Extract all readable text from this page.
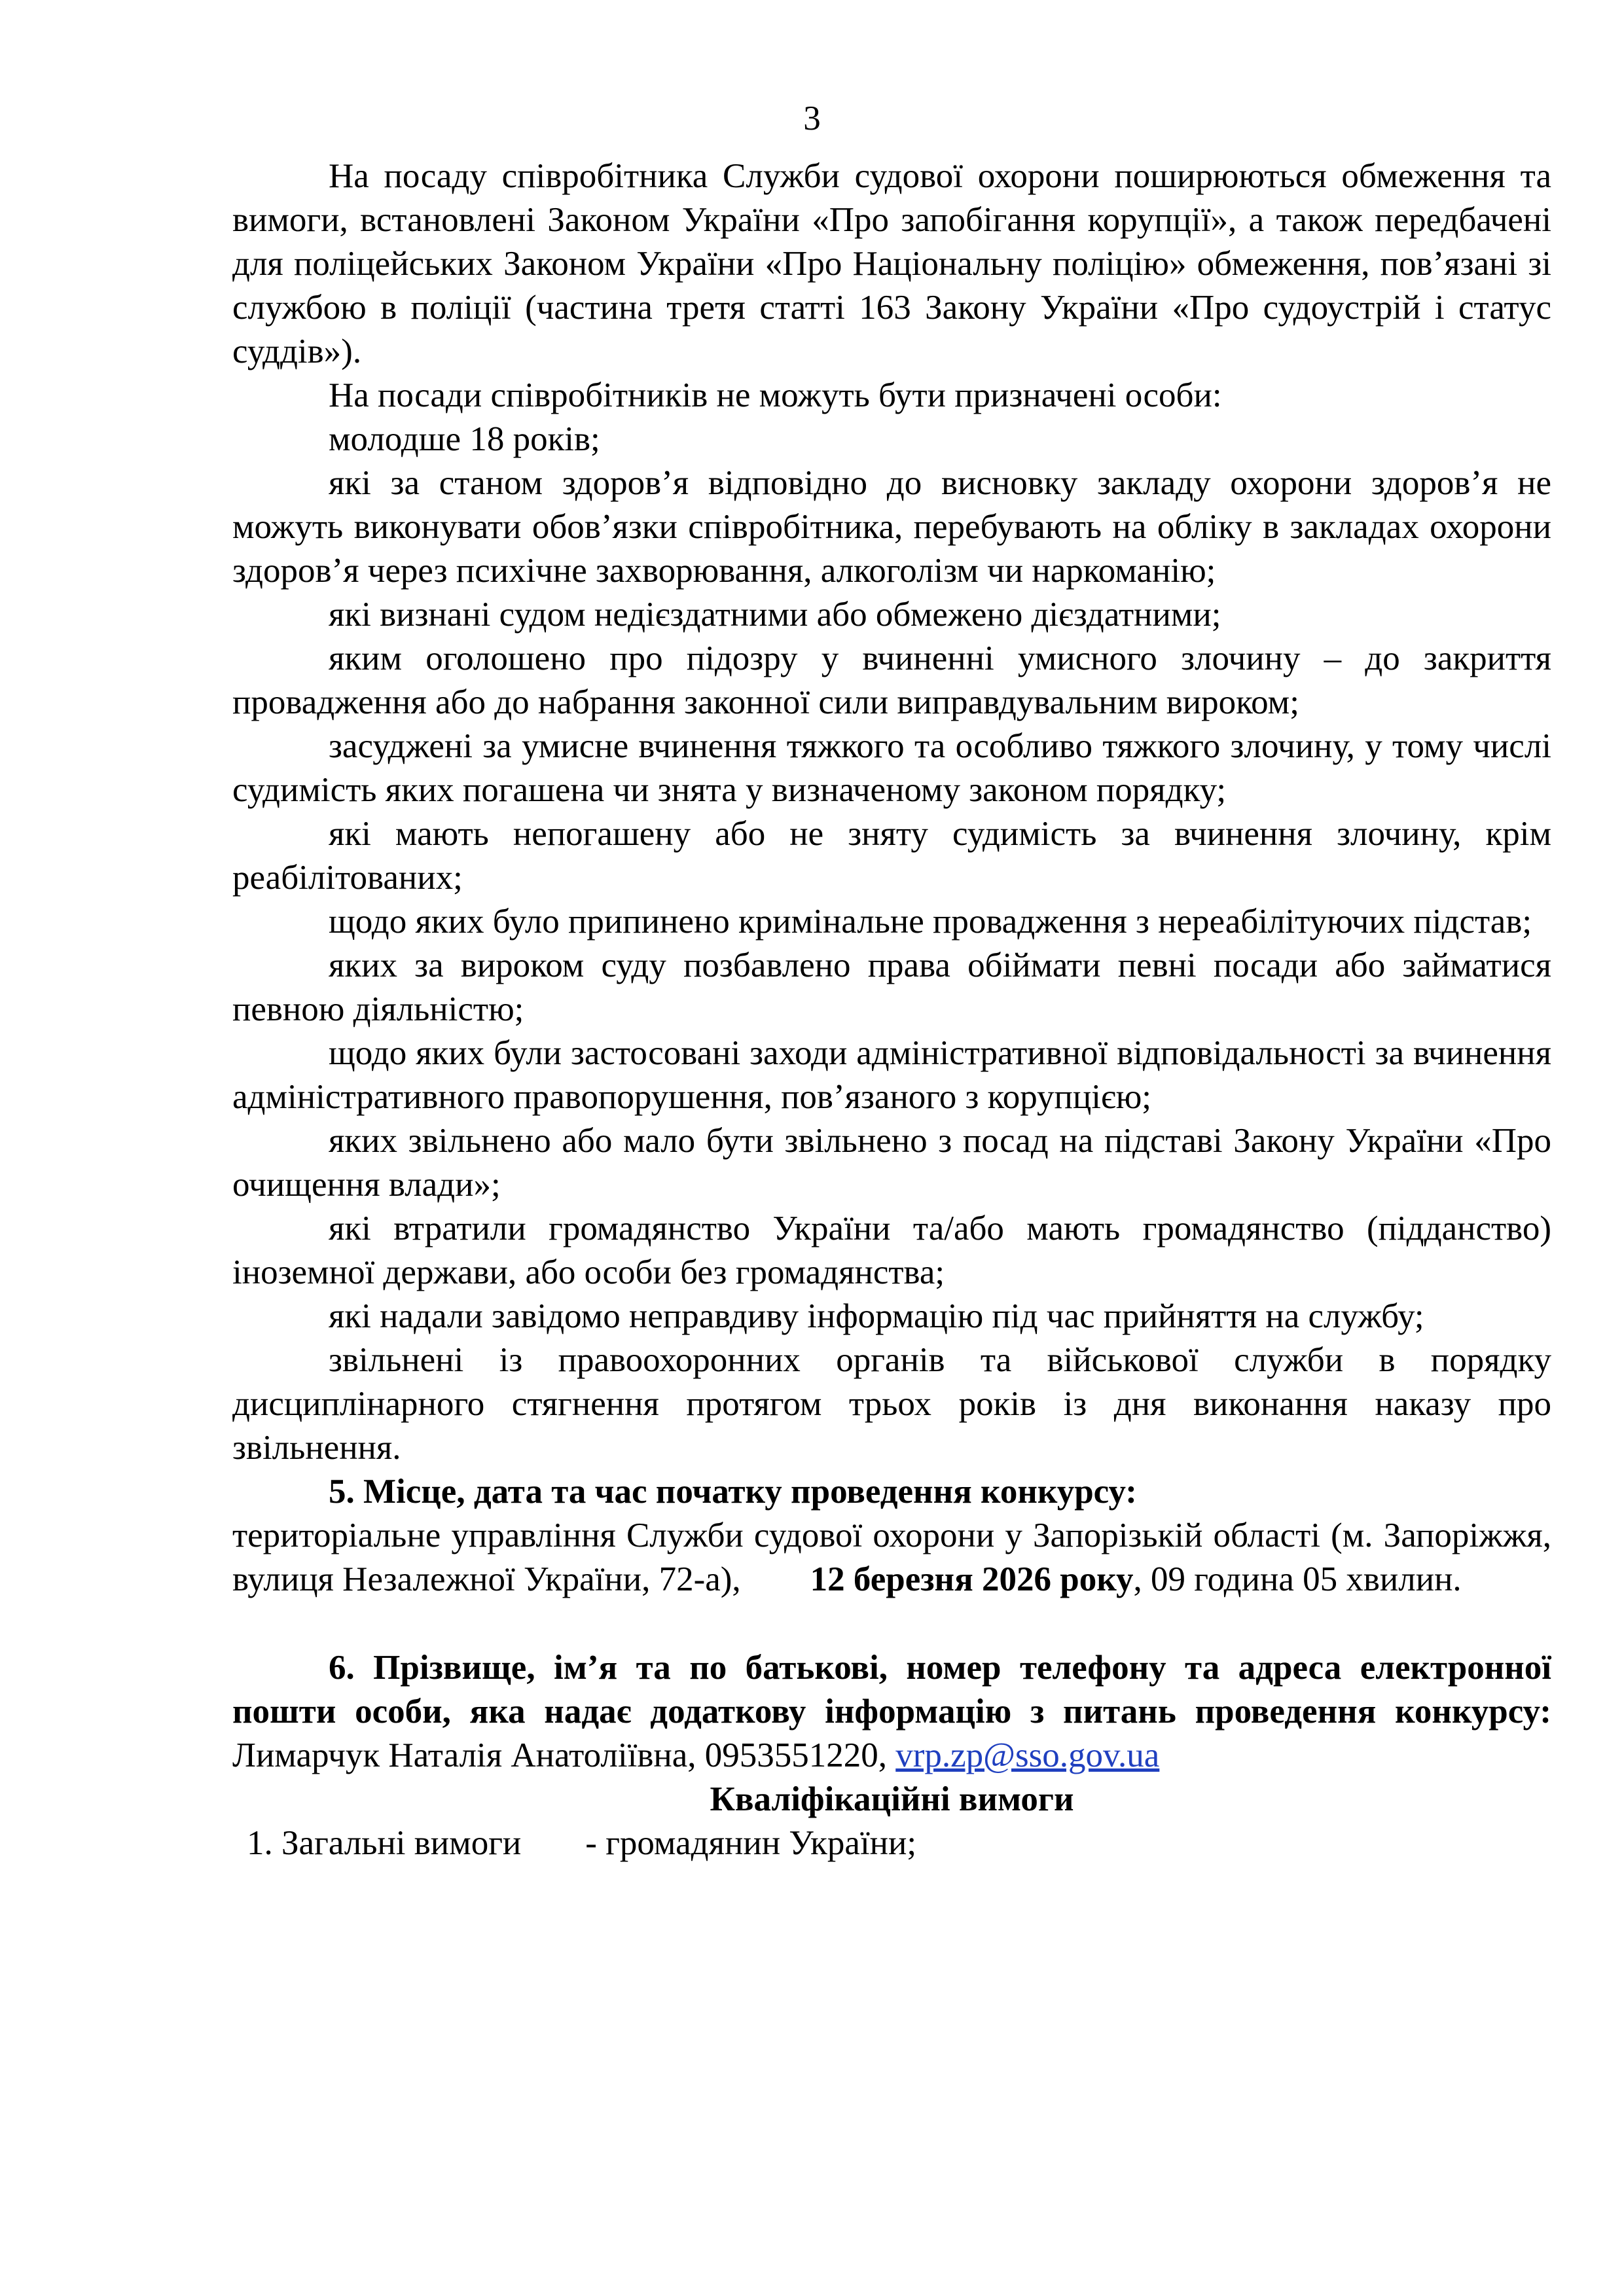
3

На посаду співробітника Служби судової охорони поширюються обмеження та вимоги, встановлені Законом України «Про запобігання корупції», а також передбачені для поліцейських Законом України «Про Національну поліцію» обмеження, пов’язані зі службою в поліції (частина третя статті 163 Закону України «Про судоустрій і статус суддів»).

На посади співробітників не можуть бути призначені особи:

молодше 18 років;

які за станом здоров’я відповідно до висновку закладу охорони здоров’я не можуть виконувати обов’язки співробітника, перебувають на обліку в закладах охорони здоров’я через психічне захворювання, алкоголізм чи наркоманію;

які визнані судом недієздатними або обмежено дієздатними;

яким оголошено про підозру у вчиненні умисного злочину – до закриття провадження або до набрання законної сили виправдувальним вироком;

засуджені за умисне вчинення тяжкого та особливо тяжкого злочину, у тому числі судимість яких погашена чи знята у визначеному законом порядку;

які мають непогашену або не зняту судимість за вчинення злочину, крім реабілітованих;

щодо яких було припинено кримінальне провадження з нереабілітуючих підстав;

яких за вироком суду позбавлено права обіймати певні посади або займатися певною діяльністю;

щодо яких були застосовані заходи адміністративної відповідальності за вчинення адміністративного правопорушення, пов’язаного з корупцією;

яких звільнено або мало бути звільнено з посад на підставі Закону України «Про очищення влади»;

які втратили громадянство України та/або мають громадянство (підданство) іноземної держави, або особи без громадянства;

які надали завідомо неправдиву інформацію під час прийняття на службу;

звільнені із правоохоронних органів та військової служби в порядку дисциплінарного стягнення протягом трьох років із дня виконання наказу про звільнення.

5. Місце, дата та час початку проведення конкурсу:

територіальне управління Служби судової охорони у Запорізькій області (м. Запоріжжя, вулиця Незалежної України, 72-а), 12 березня 2026 року, 09 година 05 хвилин.

6. Прізвище, ім’я та по батькові, номер телефону та адреса електронної пошти особи, яка надає додаткову інформацію з питань проведення конкурсу: Лимарчук Наталія Анатоліївна, 0953551220, vrp.zp@sso.gov.ua

Кваліфікаційні вимоги

1. Загальні вимоги - громадянин України;
